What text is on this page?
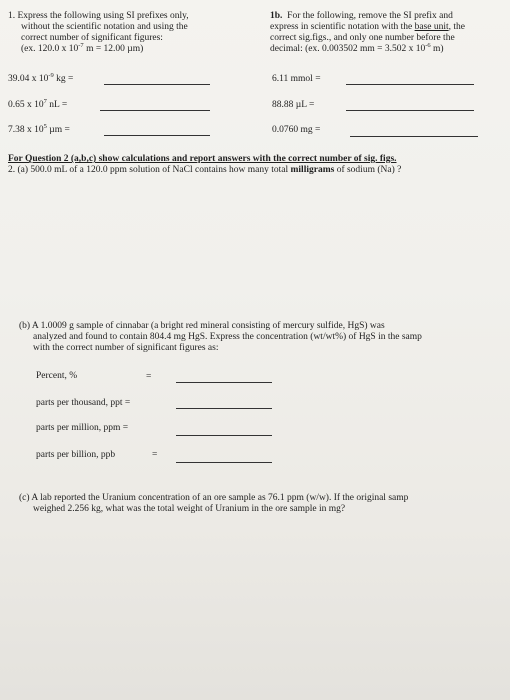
1. Express the following using SI prefixes only,
without the scientific notation and using the
correct number of significant figures:
(ex. 120.0 x $10^{-7}$ m = 12.00 µm)
39.04 x $10^{-9}$ kg =
0.65 x $10^7$ nL =
7.38 x $10^5$ µm =
1b. For the following, remove the SI prefix and
express in scientific notation with the base unit, the
correct sig.figs., and only one number before the
decimal: (ex. 0.003502 mm = 3.502 x $10^{-6}$ m)
6.11 mmol =
88.88 µL =
0.0760 mg =
For Question 2 (a,b,c) show calculations and report answers with the correct number of sig. figs.
2. (a) 500.0 mL of a 120.0 ppm solution of NaCl contains how many total milligrams of sodium (Na) ?
(b) A 1.0009 g sample of cinnabar (a bright red mineral consisting of mercury sulfide, HgS) was
analyzed and found to contain 804.4 mg HgS. Express the concentration (wt/wt%) of HgS in the samp
with the correct number of significant figures as:
Percent, %	=
parts per thousand, ppt =
parts per million, ppm =
parts per billion, ppb	=
(c) A lab reported the Uranium concentration of an ore sample as 76.1 ppm (w/w). If the original samp
weighed 2.256 kg, what was the total weight of Uranium in the ore sample in mg?
